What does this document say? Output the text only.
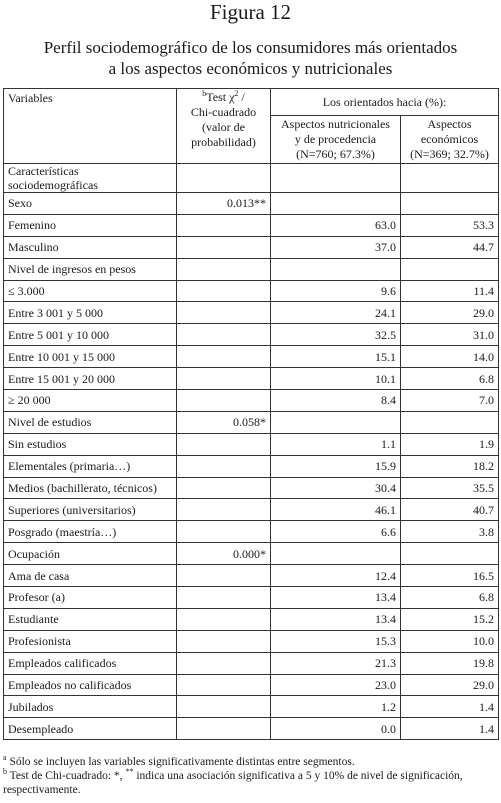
Figura 12
Perfil sociodemográfico de los consumidores más orientados
a los aspectos económicos y nutricionales
Variables	$^b$Test $\chi^2$ /
Chi-cuadrado
(valor de
probabilidad)	Los orientados hacia (%):	
		Aspectos nutricionales
y de procedencia
(N=760; 67.3%)	Aspectos
económicos
(N=369; 32.7%)
Características
sociodemográficas			
Sexo	0.013**		
Femenino		63.0	53.3
Masculino		37.0	44.7
Nivel de ingresos en pesos			
≤ 3.000		9.6	11.4
Entre 3 001 y 5 000		24.1	29.0
Entre 5 001 y 10 000		32.5	31.0
Entre 10 001 y 15 000		15.1	14.0
Entre 15 001 y 20 000		10.1	6.8
≥ 20 000		8.4	7.0
Nivel de estudios	0.058*		
Sin estudios		1.1	1.9
Elementales (primaria…)		15.9	18.2
Medios (bachillerato, técnicos)		30.4	35.5
Superiores (universitarios)		46.1	40.7
Posgrado (maestría…)		6.6	3.8
Ocupación	0.000*		
Ama de casa		12.4	16.5
Profesor (a)		13.4	6.8
Estudiante		13.4	15.2
Profesionista		15.3	10.0
Empleados calificados		21.3	19.8
Empleados no calificados		23.0	29.0
Jubilados		1.2	1.4
Desempleado		0.0	1.4
$^a$ Sólo se incluyen las variables significativamente distintas entre segmentos.
$^b$ Test de Chi-cuadrado: *, ** indica una asociación significativa a 5 y 10% de nivel de significación, respectivamente.
